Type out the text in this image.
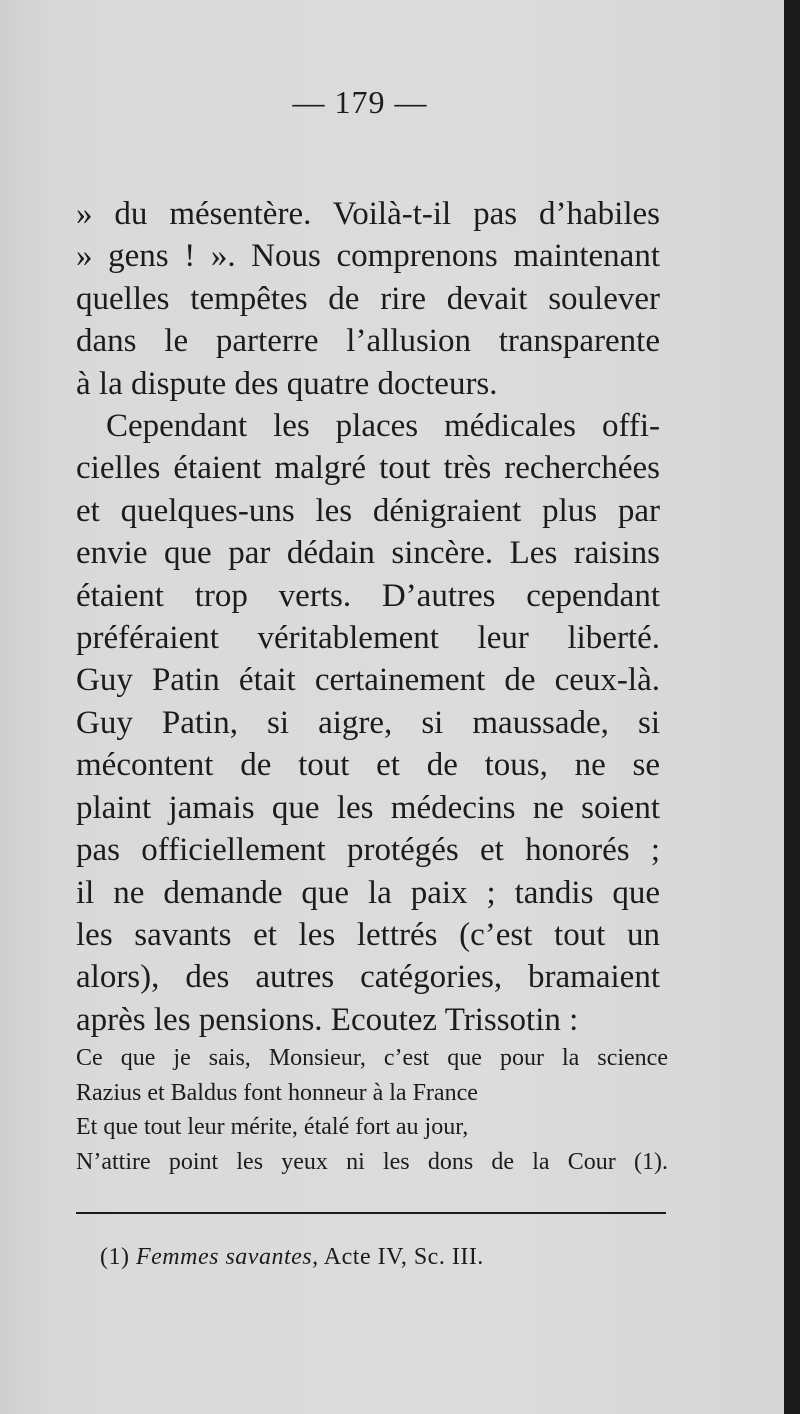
— 179 —
» du mésentère. Voilà-t-il pas d’habiles
» gens ! ». Nous comprenons maintenant
quelles tempêtes de rire devait soulever
dans le parterre l’allusion transparente
à la dispute des quatre docteurs.
Cependant les places médicales offi-
cielles étaient malgré tout très recherchées
et quelques-uns les dénigraient plus par
envie que par dédain sincère. Les raisins
étaient trop verts. D’autres cependant
préféraient véritablement leur liberté.
Guy Patin était certainement de ceux-là.
Guy Patin, si aigre, si maussade, si
mécontent de tout et de tous, ne se
plaint jamais que les médecins ne soient
pas officiellement protégés et honorés ;
il ne demande que la paix ; tandis que
les savants et les lettrés (c’est tout un
alors), des autres catégories, bramaient
après les pensions. Ecoutez Trissotin :
Ce que je sais, Monsieur, c’est que pour la science
Razius et Baldus font honneur à la France
Et que tout leur mérite, étalé fort au jour,
N’attire point les yeux ni les dons de la Cour (1).
(1) Femmes savantes, Acte IV, Sc. III.
